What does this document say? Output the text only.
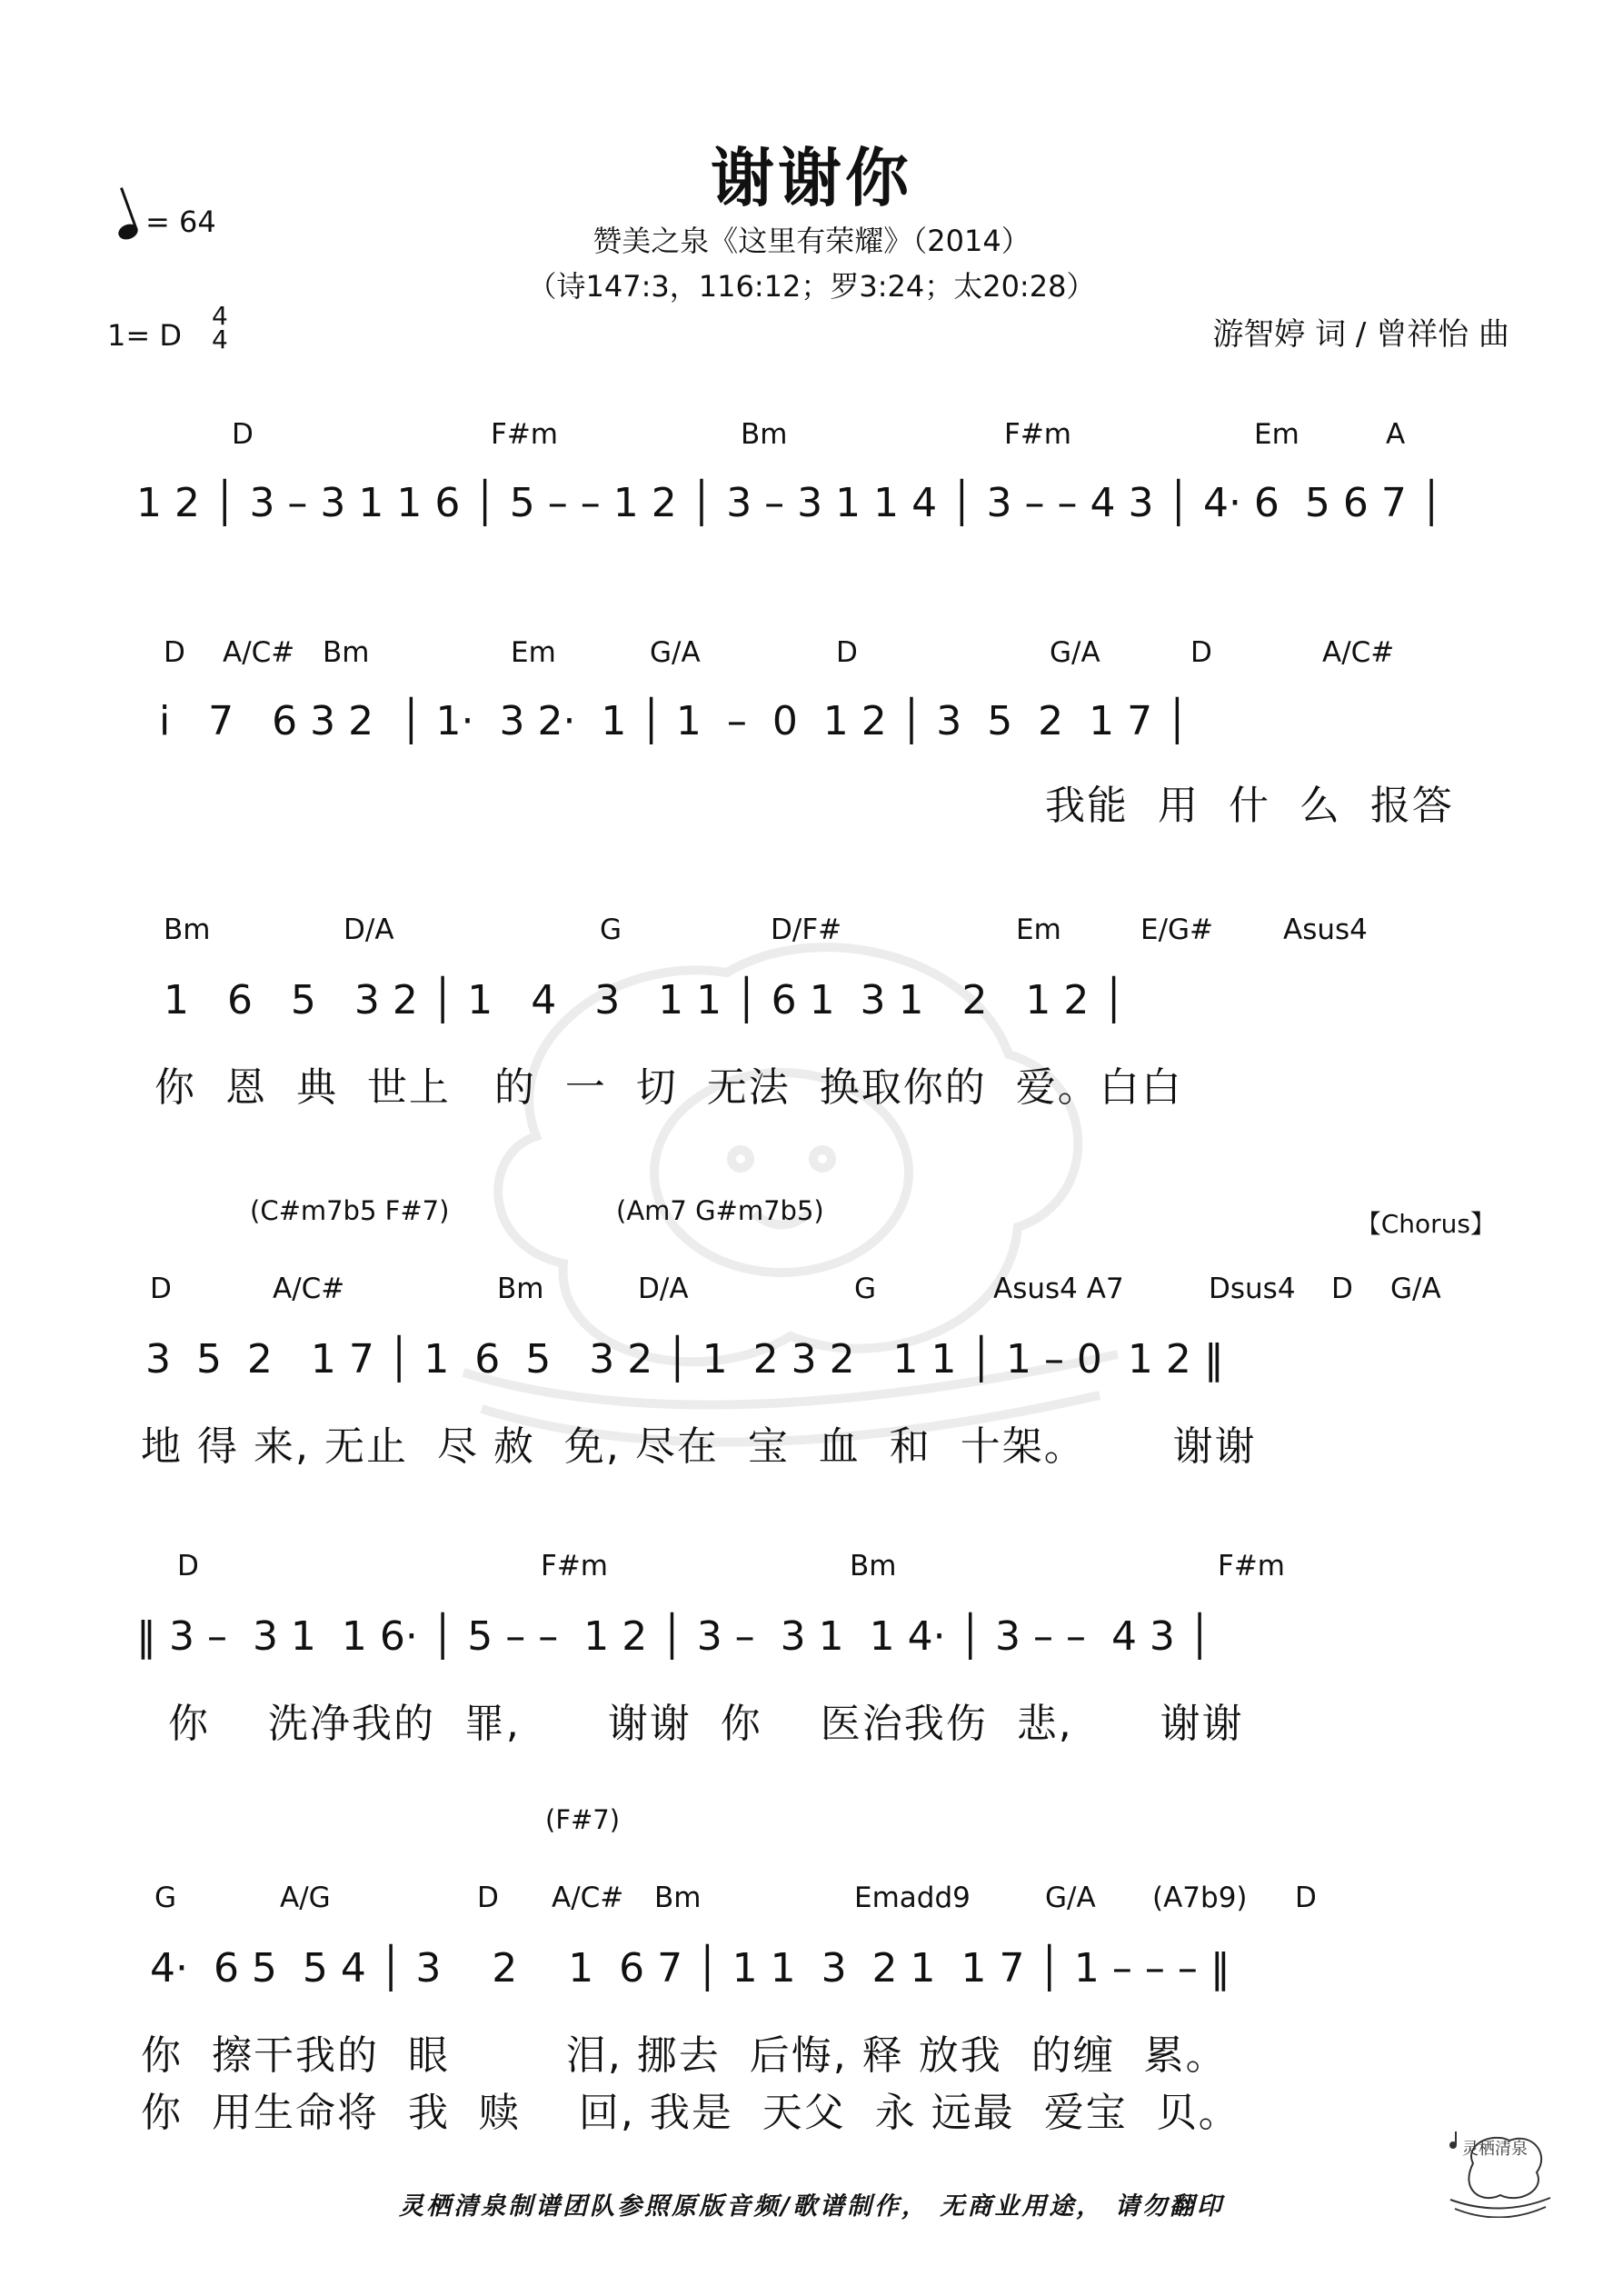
谢谢你
赞美之泉《这里有荣耀》（2014）
（诗147:3，116:12；罗3:24；太20:28）
游智婷 词 / 曾祥怡 曲
= 64
1= D
4
4
D	F#m	Bm	F#m	Em	A
1 2 │ 3 – 3 1 1 6 │ 5 – – 1 2 │ 3 – 3 1 1 4 │ 3 – – 4 3 │ 4· 6  5 6 7 │
D A/C# Bm	Em	G/A	D	G/A	D	A/C#
i   7   6 3 2  │ 1·  3 2·  1 │ 1  –  0  1 2 │ 3  5  2  1 7 │
我能  用  什  么  报答
Bm	D/A	G	D/F#	Em	E/G# Asus4
1   6   5   3 2 │ 1   4   3   1 1 │ 6 1  3 1   2   1 2 │
你  恩  典  世上   的  一  切  无法  换取你的  爱。白白
【Chorus】
(C#m7b5 F#7)	(Am7 G#m7b5)
D	A/C#	Bm	D/A	G	Asus4 A7	Dsus4 D G/A
3  5  2   1 7 │ 1  6  5   3 2 │ 1  2 3 2   1 1 │ 1 – 0  1 2 ‖
地 得 来, 无止  尽 赦  免, 尽在  宝  血  和  十架。      谢谢
D	F#m	Bm	F#m
‖ 3 –  3 1  1 6· │ 5 – –  1 2 │ 3 –  3 1  1 4· │ 3 – –  4 3 │
你    洗净我的  罪,      谢谢  你    医治我伤  悲,      谢谢
(F#7)
G	A/G	D A/C# Bm	Emadd9	G/A (A7b9) D
4·  6 5  5 4 │ 3    2    1  6 7 │ 1 1  3  2 1  1 7 │ 1 – – – ‖
你  擦干我的  眼        泪, 挪去  后悔, 释 放我  的缠  累。
你  用生命将  我  赎    回, 我是  天父  永 远最  爱宝  贝。
灵栖清泉制谱团队参照原版音频/歌谱制作， 无商业用途， 请勿翻印
灵栖清泉
